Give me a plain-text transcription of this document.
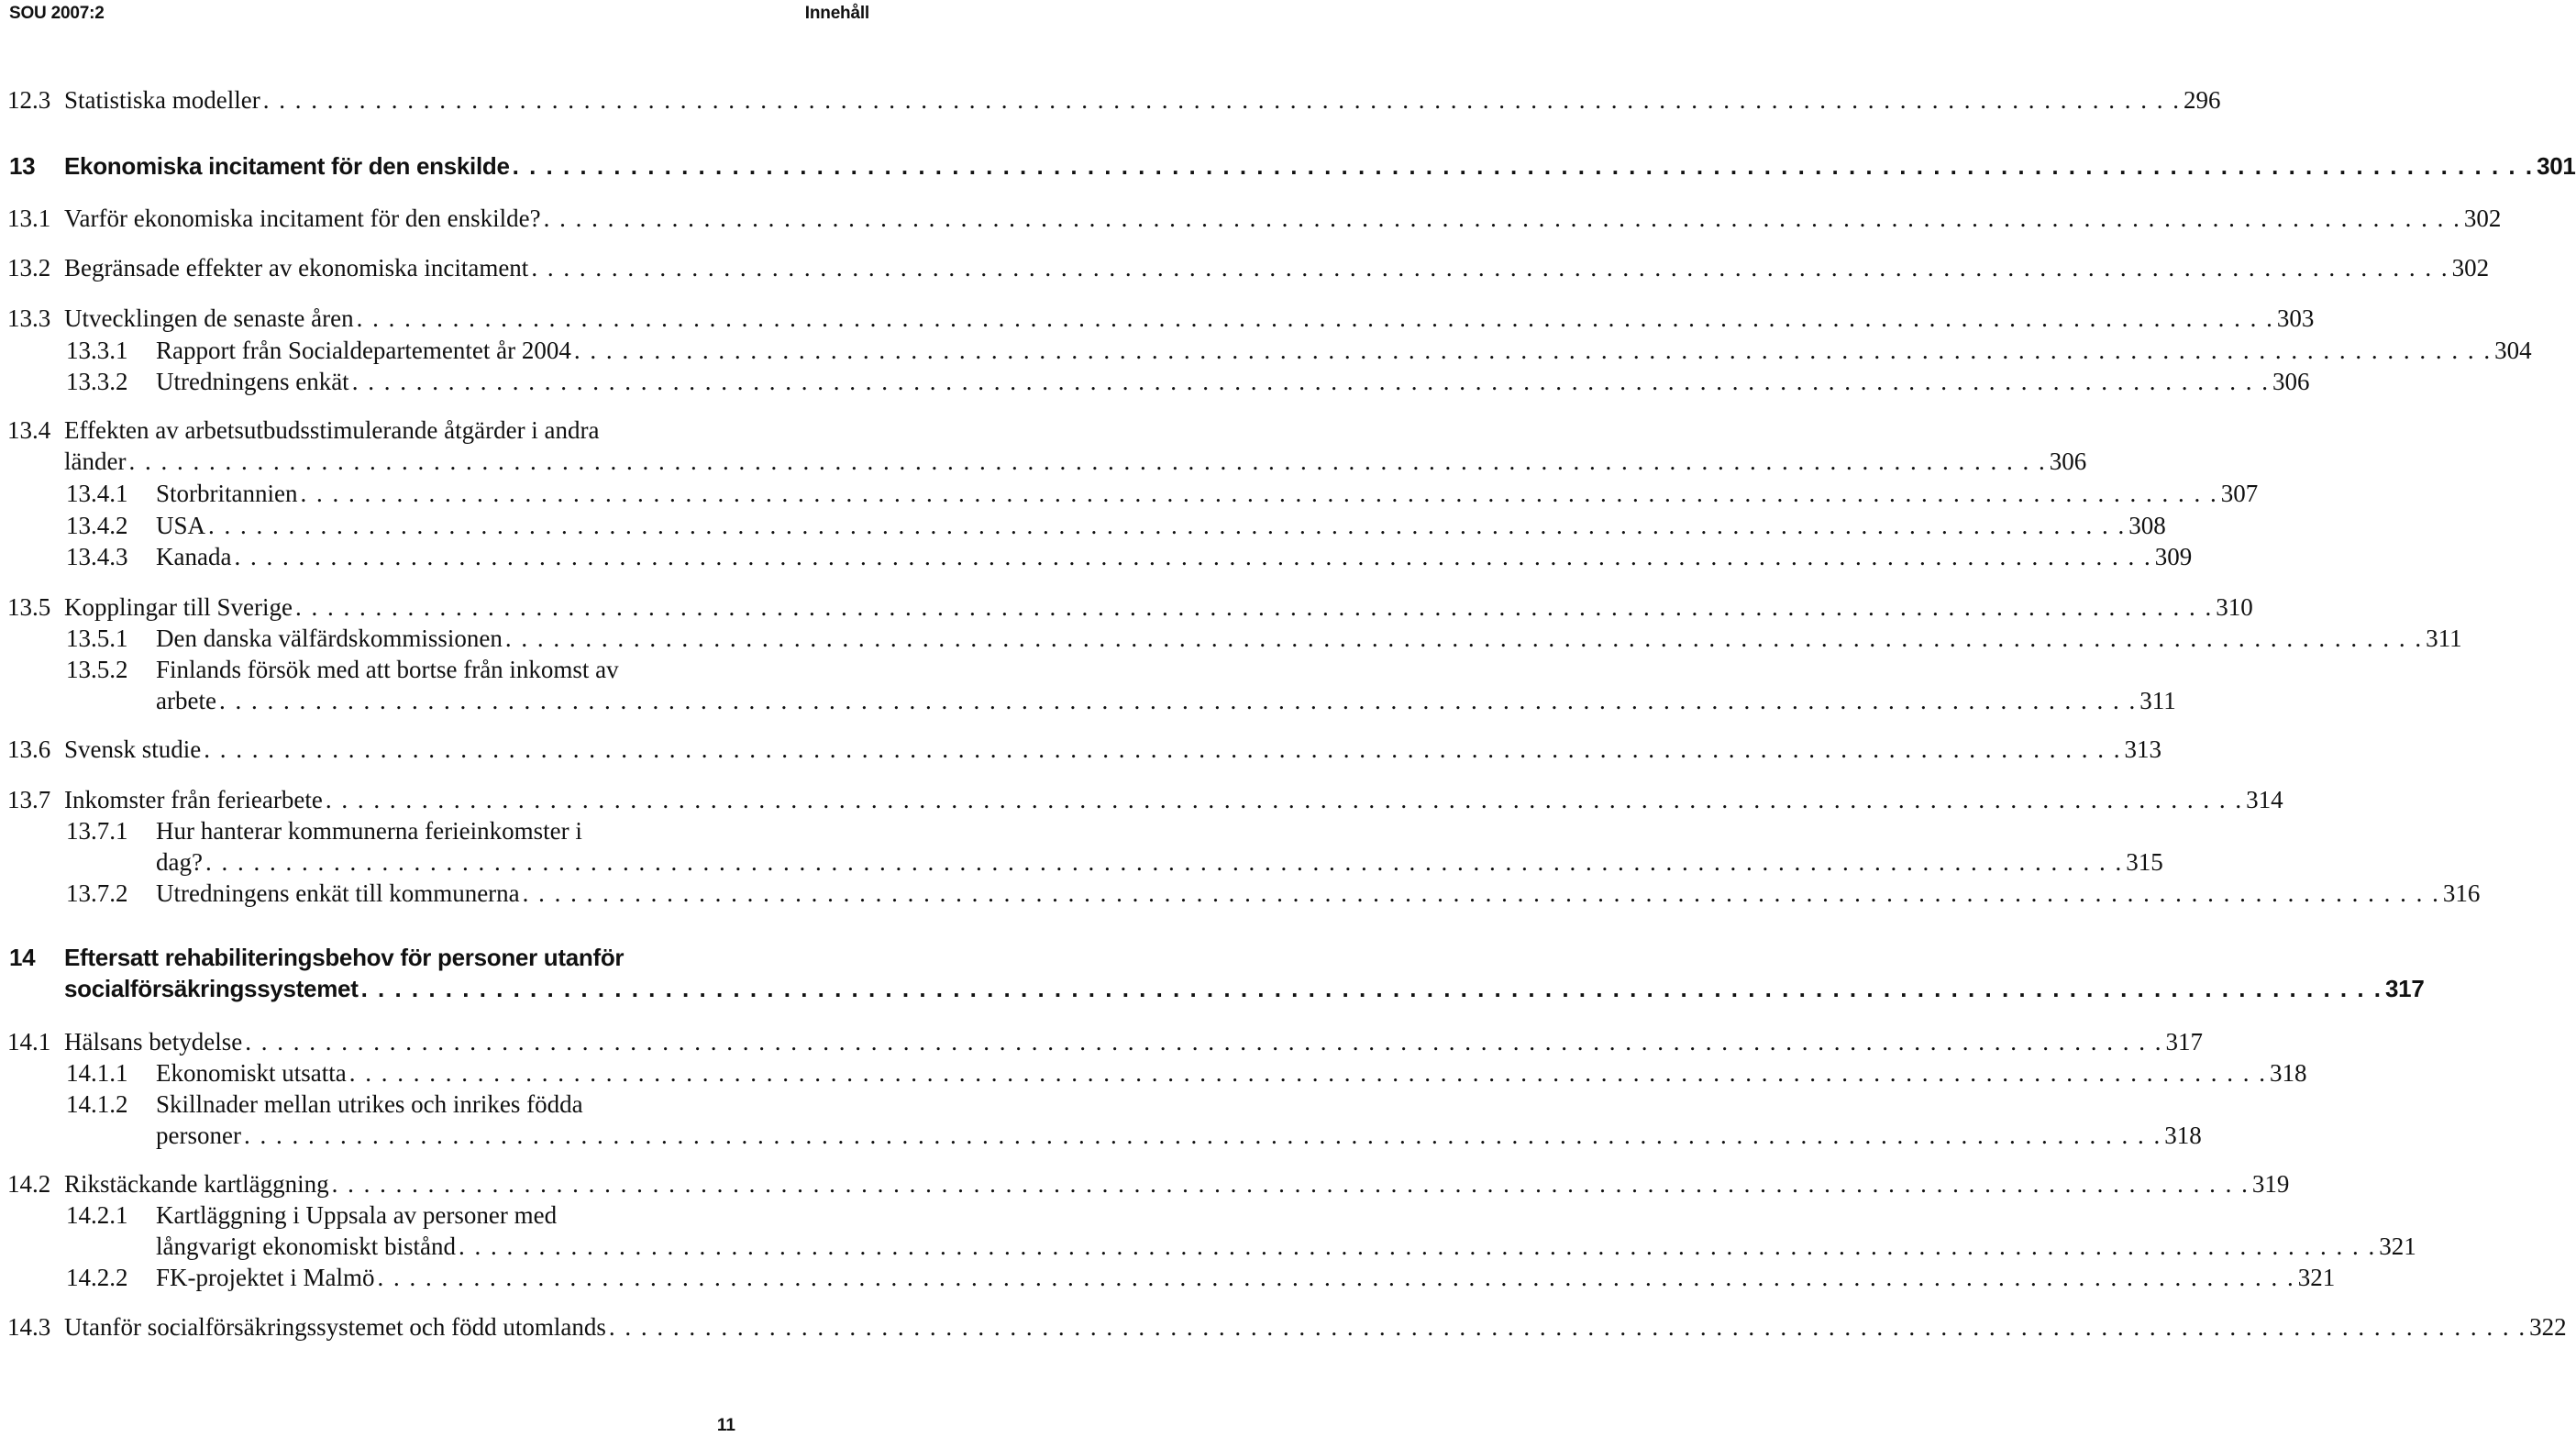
SOU 2007:2	Innehåll
12.3 Statistiska modeller . . . . . . . . . . . . . . . . . . . . . . . . . . . . . . . . . . . . . . . . . . . . . . . . . . . . . . . . . . . . . . . . . . . . . . . . . . . . . . . . . . . . . . . . . . . . . . . . . . . . . . . . . . . . . . . . . . . . . . . . 296
13 Ekonomiska incitament för den enskilde . . . . . . . . . . . . . . . . . . . . . . . . . . . . . . . . . . . . . . . . . . . . . . . . . . . . . . . . . . . . . . . . . . . . . . . . . . . . . . . . . . . . . . . . . . . . . . . . . . . . . . . . . . . . . . . . . . . . . . . . 301
13.1 Varför ekonomiska incitament för den enskilde? . . . . . . . . . . . . . . . . . . . . . . . . . . . . . . . . . . . . . . . . . . . . . . . . . . . . . . . . . . . . . . . . . . . . . . . . . . . . . . . . . . . . . . . . . . . . . . . . . . . . . . . . . . . . . . . . . . . . . . . . 302
13.2 Begränsade effekter av ekonomiska incitament . . . . . . . . . . . . . . . . . . . . . . . . . . . . . . . . . . . . . . . . . . . . . . . . . . . . . . . . . . . . . . . . . . . . . . . . . . . . . . . . . . . . . . . . . . . . . . . . . . . . . . . . . . . . . . . . . . . . . . . . 302
13.3 Utvecklingen de senaste åren . . . . . . . . . . . . . . . . . . . . . . . . . . . . . . . . . . . . . . . . . . . . . . . . . . . . . . . . . . . . . . . . . . . . . . . . . . . . . . . . . . . . . . . . . . . . . . . . . . . . . . . . . . . . . . . . . . . . . . . . 303
13.3.1 Rapport från Socialdepartementet år 2004 . . . . . . . . . . . . . . . . . . . . . . . . . . . . . . . . . . . . . . . . . . . . . . . . . . . . . . . . . . . . . . . . . . . . . . . . . . . . . . . . . . . . . . . . . . . . . . . . . . . . . . . . . . . . . . . . . . . . . . . . 304
13.3.2 Utredningens enkät . . . . . . . . . . . . . . . . . . . . . . . . . . . . . . . . . . . . . . . . . . . . . . . . . . . . . . . . . . . . . . . . . . . . . . . . . . . . . . . . . . . . . . . . . . . . . . . . . . . . . . . . . . . . . . . . . . . . . . . . 306
13.4 Effekten av arbetsutbudsstimulerande åtgärder i andra
länder . . . . . . . . . . . . . . . . . . . . . . . . . . . . . . . . . . . . . . . . . . . . . . . . . . . . . . . . . . . . . . . . . . . . . . . . . . . . . . . . . . . . . . . . . . . . . . . . . . . . . . . . . . . . . . . . . . . . . . . . 306
13.4.1 Storbritannien . . . . . . . . . . . . . . . . . . . . . . . . . . . . . . . . . . . . . . . . . . . . . . . . . . . . . . . . . . . . . . . . . . . . . . . . . . . . . . . . . . . . . . . . . . . . . . . . . . . . . . . . . . . . . . . . . . . . . . . . 307
13.4.2 USA . . . . . . . . . . . . . . . . . . . . . . . . . . . . . . . . . . . . . . . . . . . . . . . . . . . . . . . . . . . . . . . . . . . . . . . . . . . . . . . . . . . . . . . . . . . . . . . . . . . . . . . . . . . . . . . . . . . . . . . . 308
13.4.3 Kanada . . . . . . . . . . . . . . . . . . . . . . . . . . . . . . . . . . . . . . . . . . . . . . . . . . . . . . . . . . . . . . . . . . . . . . . . . . . . . . . . . . . . . . . . . . . . . . . . . . . . . . . . . . . . . . . . . . . . . . . . 309
13.5 Kopplingar till Sverige . . . . . . . . . . . . . . . . . . . . . . . . . . . . . . . . . . . . . . . . . . . . . . . . . . . . . . . . . . . . . . . . . . . . . . . . . . . . . . . . . . . . . . . . . . . . . . . . . . . . . . . . . . . . . . . . . . . . . . . . 310
13.5.1 Den danska välfärdskommissionen . . . . . . . . . . . . . . . . . . . . . . . . . . . . . . . . . . . . . . . . . . . . . . . . . . . . . . . . . . . . . . . . . . . . . . . . . . . . . . . . . . . . . . . . . . . . . . . . . . . . . . . . . . . . . . . . . . . . . . . . 311
13.5.2 Finlands försök med att bortse från inkomst av
arbete . . . . . . . . . . . . . . . . . . . . . . . . . . . . . . . . . . . . . . . . . . . . . . . . . . . . . . . . . . . . . . . . . . . . . . . . . . . . . . . . . . . . . . . . . . . . . . . . . . . . . . . . . . . . . . . . . . . . . . . . 311
13.6 Svensk studie . . . . . . . . . . . . . . . . . . . . . . . . . . . . . . . . . . . . . . . . . . . . . . . . . . . . . . . . . . . . . . . . . . . . . . . . . . . . . . . . . . . . . . . . . . . . . . . . . . . . . . . . . . . . . . . . . . . . . . . . 313
13.7 Inkomster från feriearbete . . . . . . . . . . . . . . . . . . . . . . . . . . . . . . . . . . . . . . . . . . . . . . . . . . . . . . . . . . . . . . . . . . . . . . . . . . . . . . . . . . . . . . . . . . . . . . . . . . . . . . . . . . . . . . . . . . . . . . . . 314
13.7.1 Hur hanterar kommunerna ferieinkomster i
dag? . . . . . . . . . . . . . . . . . . . . . . . . . . . . . . . . . . . . . . . . . . . . . . . . . . . . . . . . . . . . . . . . . . . . . . . . . . . . . . . . . . . . . . . . . . . . . . . . . . . . . . . . . . . . . . . . . . . . . . . . 315
13.7.2 Utredningens enkät till kommunerna . . . . . . . . . . . . . . . . . . . . . . . . . . . . . . . . . . . . . . . . . . . . . . . . . . . . . . . . . . . . . . . . . . . . . . . . . . . . . . . . . . . . . . . . . . . . . . . . . . . . . . . . . . . . . . . . . . . . . . . . 316
14 Eftersatt rehabiliteringsbehov för personer utanför
socialförsäkringssystemet . . . . . . . . . . . . . . . . . . . . . . . . . . . . . . . . . . . . . . . . . . . . . . . . . . . . . . . . . . . . . . . . . . . . . . . . . . . . . . . . . . . . . . . . . . . . . . . . . . . . . . . . . . . . . . . . . . . . . . . . 317
14.1 Hälsans betydelse . . . . . . . . . . . . . . . . . . . . . . . . . . . . . . . . . . . . . . . . . . . . . . . . . . . . . . . . . . . . . . . . . . . . . . . . . . . . . . . . . . . . . . . . . . . . . . . . . . . . . . . . . . . . . . . . . . . . . . . . 317
14.1.1 Ekonomiskt utsatta . . . . . . . . . . . . . . . . . . . . . . . . . . . . . . . . . . . . . . . . . . . . . . . . . . . . . . . . . . . . . . . . . . . . . . . . . . . . . . . . . . . . . . . . . . . . . . . . . . . . . . . . . . . . . . . . . . . . . . . . 318
14.1.2 Skillnader mellan utrikes och inrikes födda
personer . . . . . . . . . . . . . . . . . . . . . . . . . . . . . . . . . . . . . . . . . . . . . . . . . . . . . . . . . . . . . . . . . . . . . . . . . . . . . . . . . . . . . . . . . . . . . . . . . . . . . . . . . . . . . . . . . . . . . . . . 318
14.2 Rikstäckande kartläggning . . . . . . . . . . . . . . . . . . . . . . . . . . . . . . . . . . . . . . . . . . . . . . . . . . . . . . . . . . . . . . . . . . . . . . . . . . . . . . . . . . . . . . . . . . . . . . . . . . . . . . . . . . . . . . . . . . . . . . . . 319
14.2.1 Kartläggning i Uppsala av personer med
långvarigt ekonomiskt bistånd . . . . . . . . . . . . . . . . . . . . . . . . . . . . . . . . . . . . . . . . . . . . . . . . . . . . . . . . . . . . . . . . . . . . . . . . . . . . . . . . . . . . . . . . . . . . . . . . . . . . . . . . . . . . . . . . . . . . . . . . 321
14.2.2 FK-projektet i Malmö . . . . . . . . . . . . . . . . . . . . . . . . . . . . . . . . . . . . . . . . . . . . . . . . . . . . . . . . . . . . . . . . . . . . . . . . . . . . . . . . . . . . . . . . . . . . . . . . . . . . . . . . . . . . . . . . . . . . . . . . 321
14.3 Utanför socialförsäkringssystemet och född utomlands . . . . . . . . . . . . . . . . . . . . . . . . . . . . . . . . . . . . . . . . . . . . . . . . . . . . . . . . . . . . . . . . . . . . . . . . . . . . . . . . . . . . . . . . . . . . . . . . . . . . . . . . . . . . . . . . . . . . . . . . 322
11
